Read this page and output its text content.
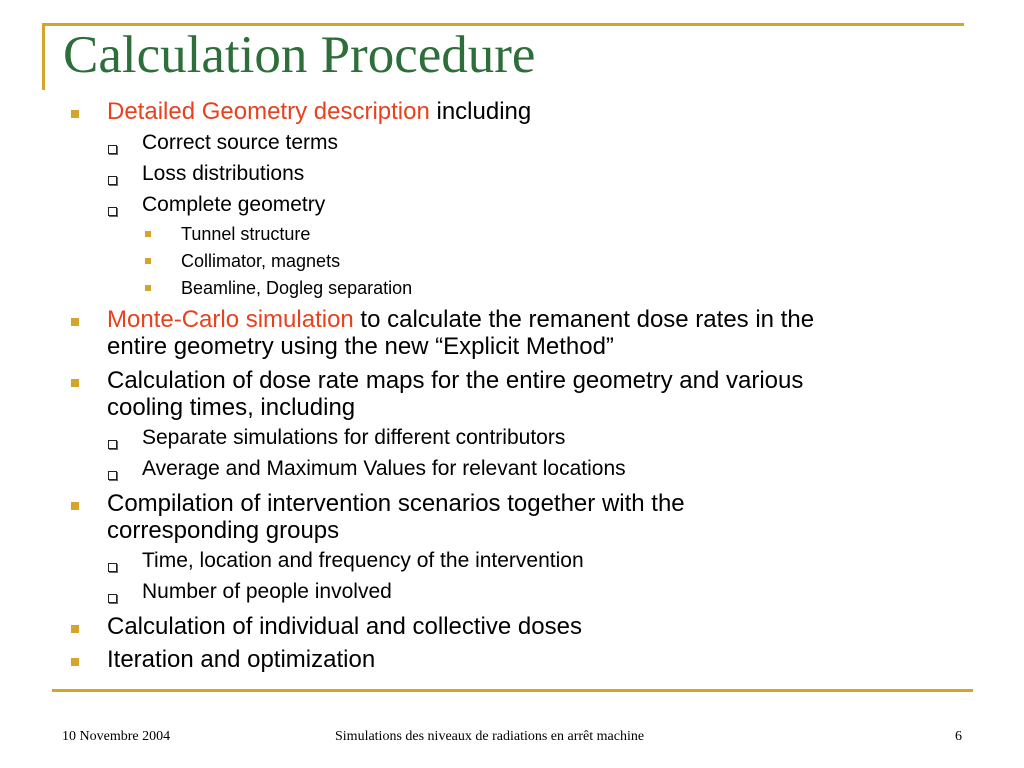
Calculation Procedure
Detailed Geometry description including
Correct source terms
Loss distributions
Complete geometry
Tunnel structure
Collimator, magnets
Beamline, Dogleg separation
Monte-Carlo simulation to calculate the remanent dose rates in the
entire geometry using the new “Explicit Method”
Calculation of dose rate maps for the entire geometry and various
cooling times, including
Separate simulations for different contributors
Average and Maximum Values for relevant locations
Compilation of intervention scenarios together with the
corresponding groups
Time, location and frequency of the intervention
Number of people involved
Calculation of individual and collective doses
Iteration and optimization
10 Novembre 2004	Simulations des niveaux de radiations en arrêt machine	6
